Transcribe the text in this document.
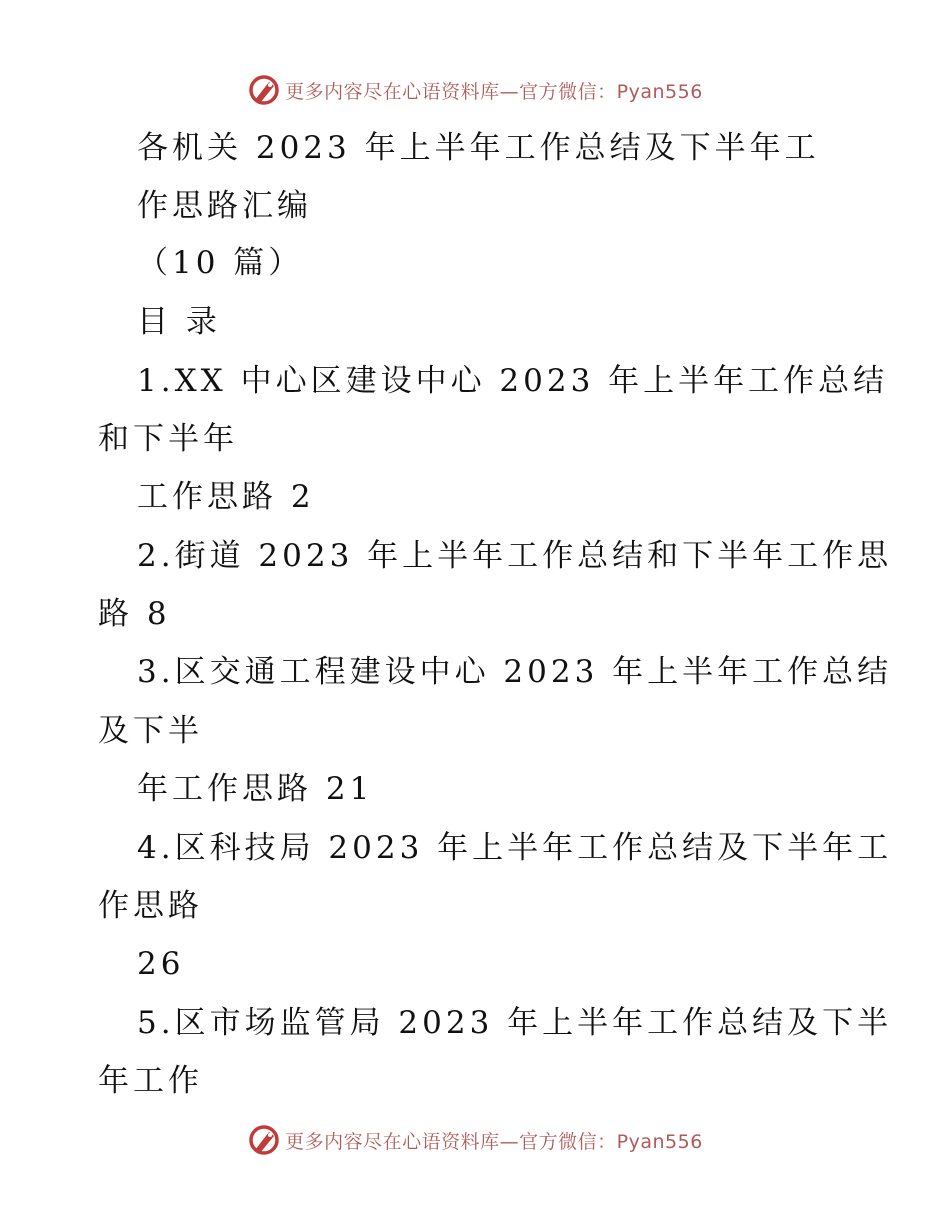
更多内容尽在心语资料库—官方微信：Pyan556
各机关 2023 年上半年工作总结及下半年工
作思路汇编
（10 篇）
目 录
1.XX 中心区建设中心 2023 年上半年工作总结
和下半年
工作思路 2
2.街道 2023 年上半年工作总结和下半年工作思
路 8
3.区交通工程建设中心 2023 年上半年工作总结
及下半
年工作思路 21
4.区科技局 2023 年上半年工作总结及下半年工
作思路
26
5.区市场监管局 2023 年上半年工作总结及下半
年工作
更多内容尽在心语资料库—官方微信：Pyan556
